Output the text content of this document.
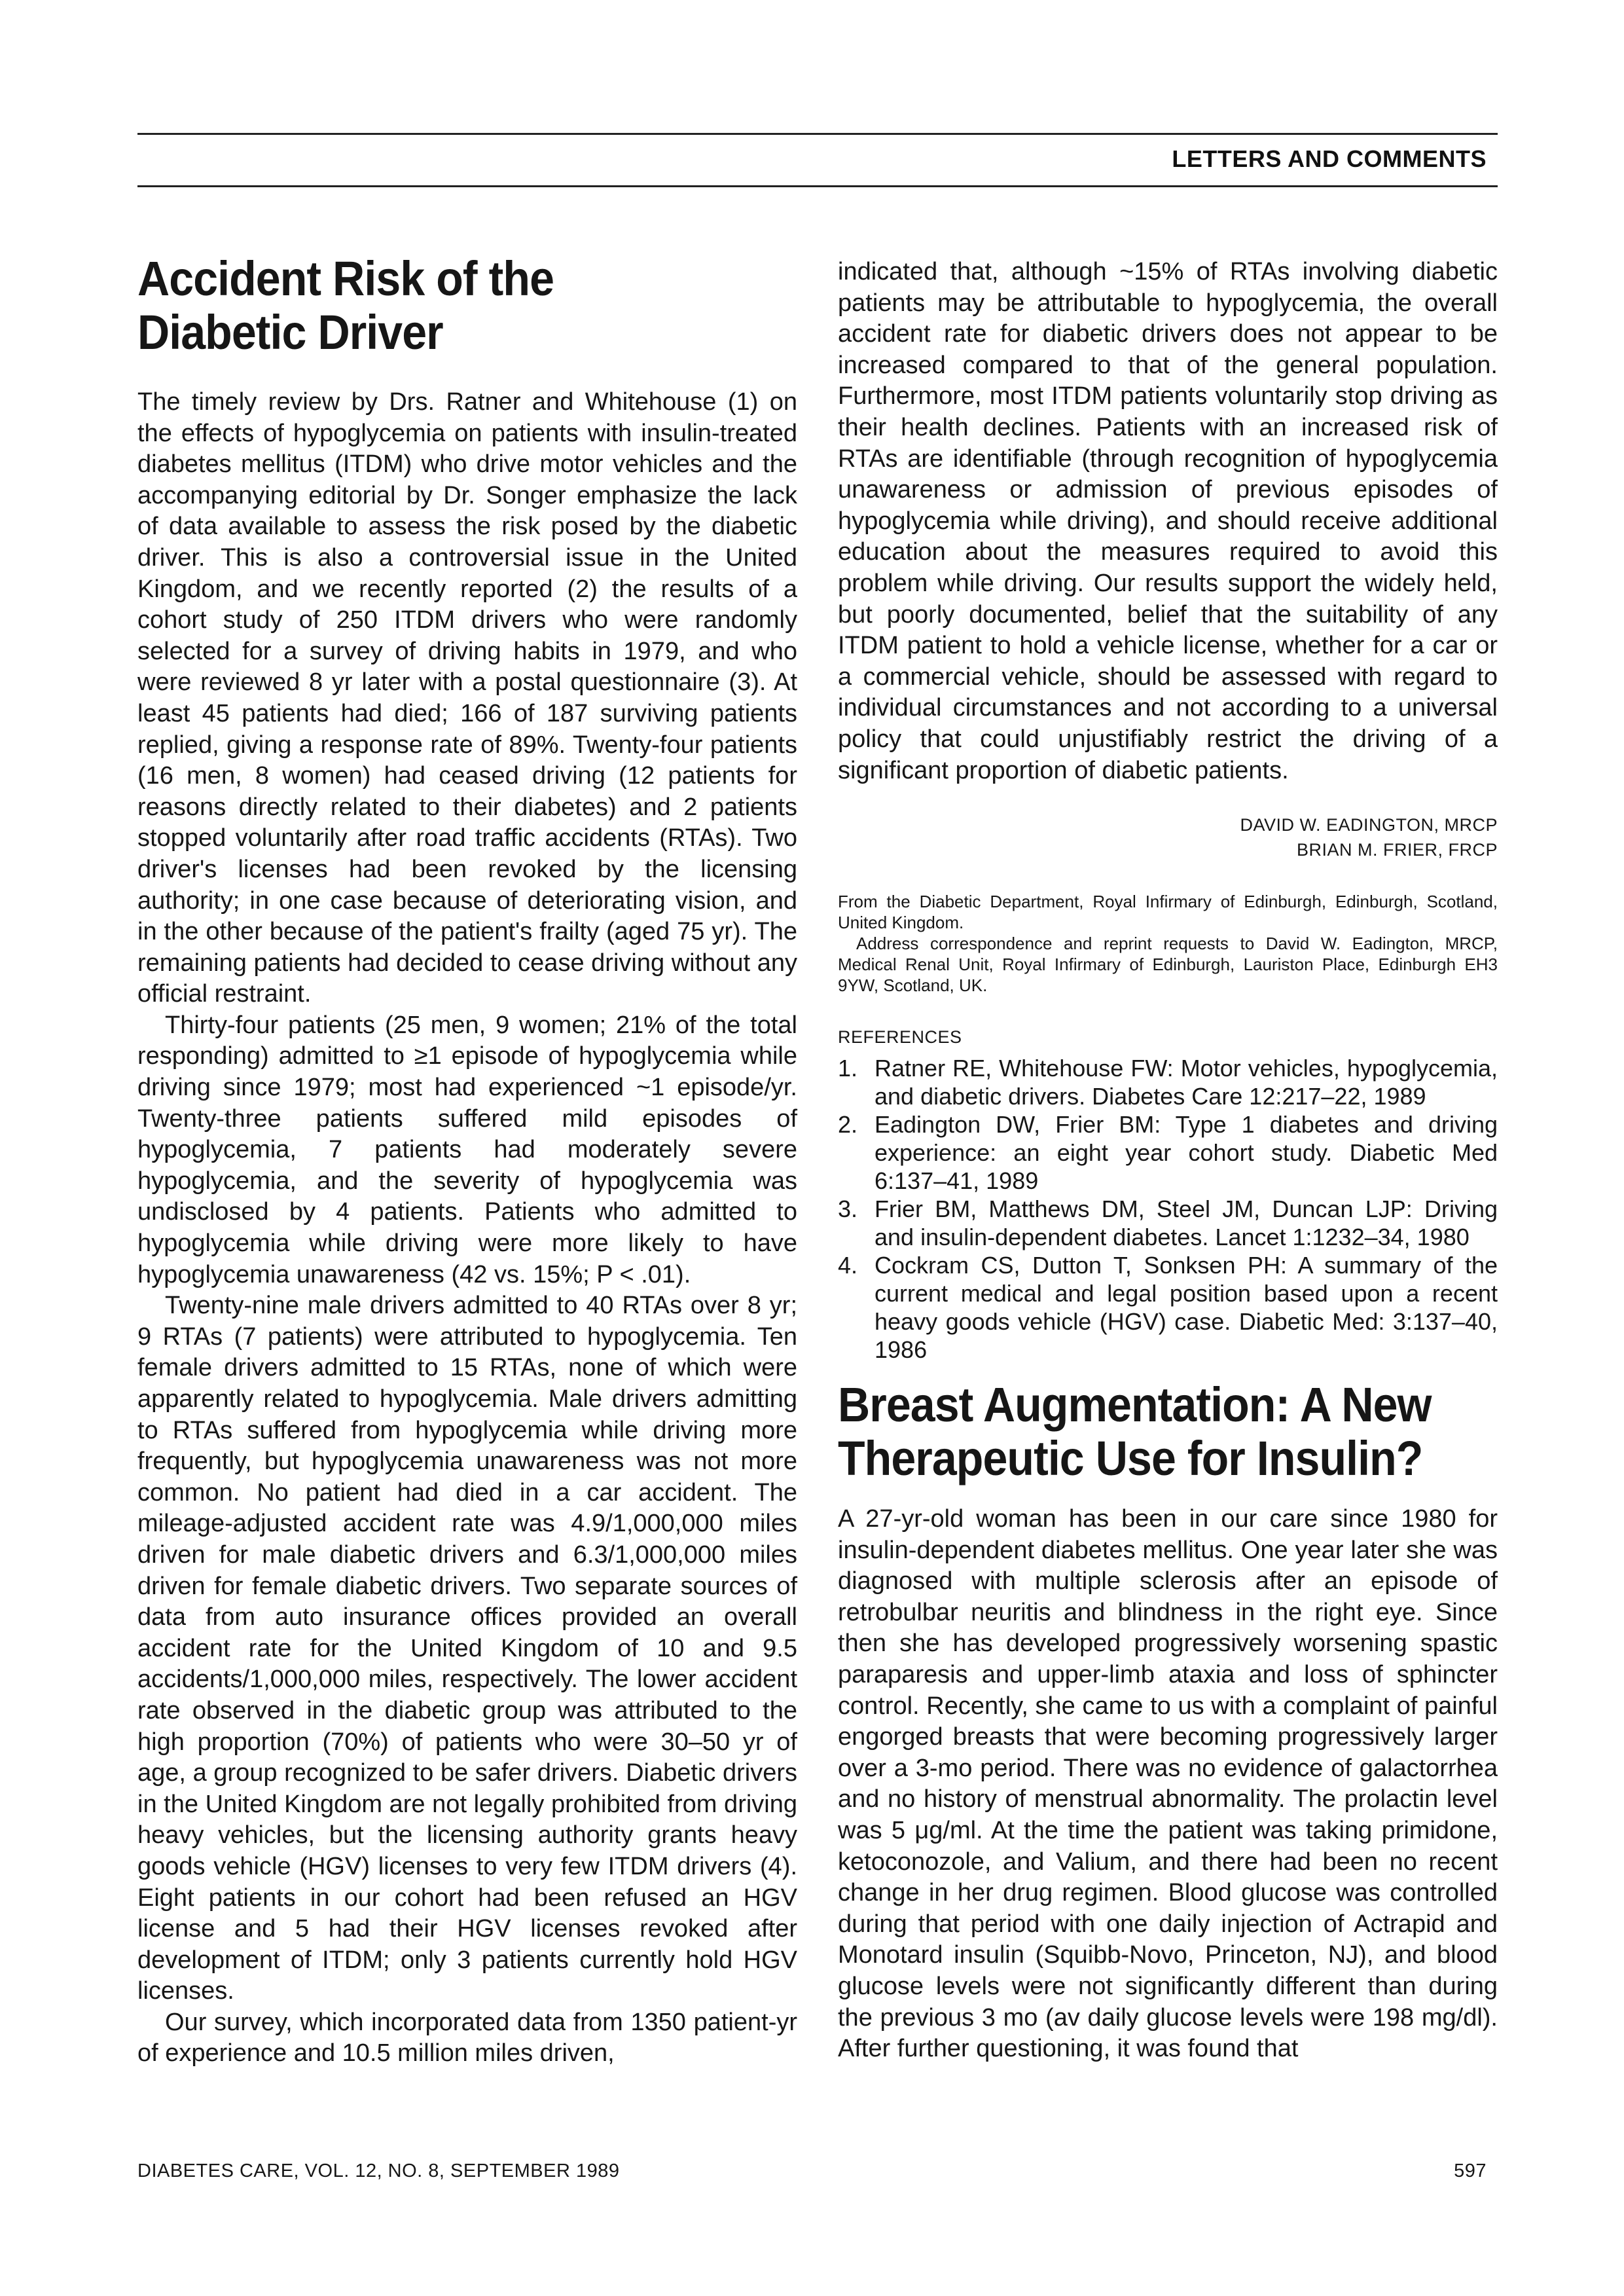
LETTERS AND COMMENTS
Accident Risk of the
Diabetic Driver

The timely review by Drs. Ratner and Whitehouse (1) on the effects of hypoglycemia on patients with insulin-treated diabetes mellitus (ITDM) who drive motor vehicles and the accompanying editorial by Dr. Songer emphasize the lack of data available to assess the risk posed by the diabetic driver. This is also a controversial issue in the United Kingdom, and we recently reported (2) the results of a cohort study of 250 ITDM drivers who were randomly selected for a survey of driving habits in 1979, and who were reviewed 8 yr later with a postal questionnaire (3). At least 45 patients had died; 166 of 187 surviving patients replied, giving a response rate of 89%. Twenty-four patients (16 men, 8 women) had ceased driving (12 patients for reasons directly related to their diabetes) and 2 patients stopped voluntarily after road traffic accidents (RTAs). Two driver's licenses had been revoked by the licensing authority; in one case because of deteriorating vision, and in the other because of the patient's frailty (aged 75 yr). The remaining patients had decided to cease driving without any official restraint.

Thirty-four patients (25 men, 9 women; 21% of the total responding) admitted to ≥1 episode of hypoglycemia while driving since 1979; most had experienced ~1 episode/yr. Twenty-three patients suffered mild episodes of hypoglycemia, 7 patients had moderately severe hypoglycemia, and the severity of hypoglycemia was undisclosed by 4 patients. Patients who admitted to hypoglycemia while driving were more likely to have hypoglycemia unawareness (42 vs. 15%; P < .01).

Twenty-nine male drivers admitted to 40 RTAs over 8 yr; 9 RTAs (7 patients) were attributed to hypoglycemia. Ten female drivers admitted to 15 RTAs, none of which were apparently related to hypoglycemia. Male drivers admitting to RTAs suffered from hypoglycemia while driving more frequently, but hypoglycemia unawareness was not more common. No patient had died in a car accident. The mileage-adjusted accident rate was 4.9/1,000,000 miles driven for male diabetic drivers and 6.3/1,000,000 miles driven for female diabetic drivers. Two separate sources of data from auto insurance offices provided an overall accident rate for the United Kingdom of 10 and 9.5 accidents/1,000,000 miles, respectively. The lower accident rate observed in the diabetic group was attributed to the high proportion (70%) of patients who were 30–50 yr of age, a group recognized to be safer drivers. Diabetic drivers in the United Kingdom are not legally prohibited from driving heavy vehicles, but the licensing authority grants heavy goods vehicle (HGV) licenses to very few ITDM drivers (4). Eight patients in our cohort had been refused an HGV license and 5 had their HGV licenses revoked after development of ITDM; only 3 patients currently hold HGV licenses.

Our survey, which incorporated data from 1350 patient-yr of experience and 10.5 million miles driven,

indicated that, although ~15% of RTAs involving diabetic patients may be attributable to hypoglycemia, the overall accident rate for diabetic drivers does not appear to be increased compared to that of the general population. Furthermore, most ITDM patients voluntarily stop driving as their health declines. Patients with an increased risk of RTAs are identifiable (through recognition of hypoglycemia unawareness or admission of previous episodes of hypoglycemia while driving), and should receive additional education about the measures required to avoid this problem while driving. Our results support the widely held, but poorly documented, belief that the suitability of any ITDM patient to hold a vehicle license, whether for a car or a commercial vehicle, should be assessed with regard to individual circumstances and not according to a universal policy that could unjustifiably restrict the driving of a significant proportion of diabetic patients.

DAVID W. EADINGTON, MRCP
BRIAN M. FRIER, FRCP

From the Diabetic Department, Royal Infirmary of Edinburgh, Edinburgh, Scotland, United Kingdom.

Address correspondence and reprint requests to David W. Eadington, MRCP, Medical Renal Unit, Royal Infirmary of Edinburgh, Lauriston Place, Edinburgh EH3 9YW, Scotland, UK.

REFERENCES
1. Ratner RE, Whitehouse FW: Motor vehicles, hypoglycemia, and diabetic drivers. Diabetes Care 12:217–22, 1989
2. Eadington DW, Frier BM: Type 1 diabetes and driving experience: an eight year cohort study. Diabetic Med 6:137–41, 1989
3. Frier BM, Matthews DM, Steel JM, Duncan LJP: Driving and insulin-dependent diabetes. Lancet 1:1232–34, 1980
4. Cockram CS, Dutton T, Sonksen PH: A summary of the current medical and legal position based upon a recent heavy goods vehicle (HGV) case. Diabetic Med: 3:137–40, 1986
Breast Augmentation: A New
Therapeutic Use for Insulin?

A 27-yr-old woman has been in our care since 1980 for insulin-dependent diabetes mellitus. One year later she was diagnosed with multiple sclerosis after an episode of retrobulbar neuritis and blindness in the right eye. Since then she has developed progressively worsening spastic paraparesis and upper-limb ataxia and loss of sphincter control. Recently, she came to us with a complaint of painful engorged breasts that were becoming progressively larger over a 3-mo period. There was no evidence of galactorrhea and no history of menstrual abnormality. The prolactin level was 5 μg/ml. At the time the patient was taking primidone, ketoconozole, and Valium, and there had been no recent change in her drug regimen. Blood glucose was controlled during that period with one daily injection of Actrapid and Monotard insulin (Squibb-Novo, Princeton, NJ), and blood glucose levels were not significantly different than during the previous 3 mo (av daily glucose levels were 198 mg/dl). After further questioning, it was found that

DIABETES CARE, VOL. 12, NO. 8, SEPTEMBER 1989	597
